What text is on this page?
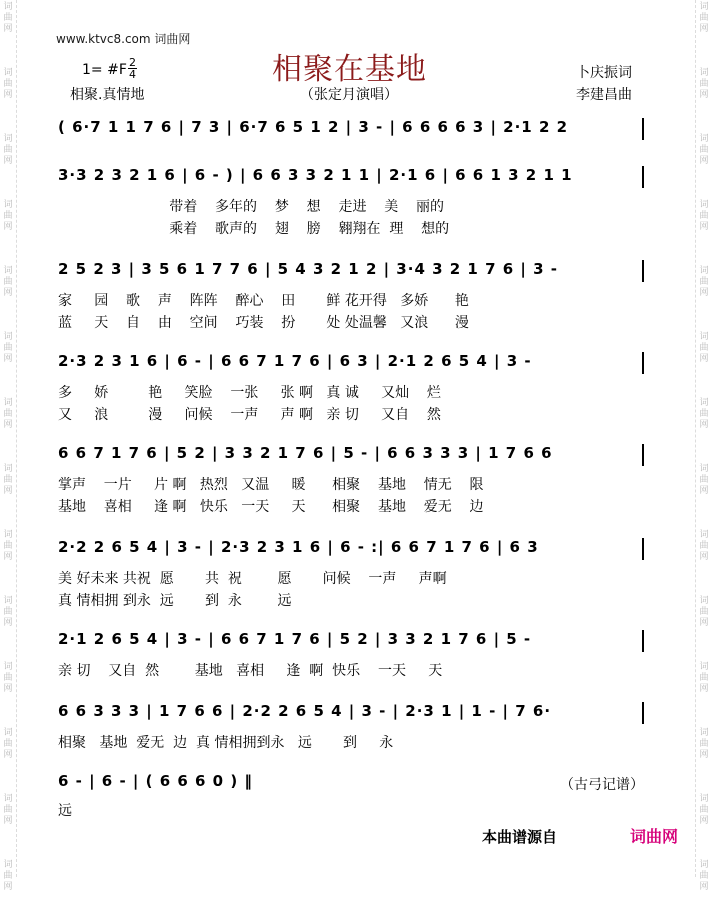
词
曲
网
词
曲
网
词
曲
网
词
曲
网
词
曲
网
词
曲
网
词
曲
网
词
曲
网
词
曲
网
词
曲
网
词
曲
网
词
曲
网
词
曲
网
词
曲
网
词
曲
网
词
曲
网
词
曲
网
词
曲
网
词
曲
网
词
曲
网
词
曲
网
词
曲
网
词
曲
网
词
曲
网
词
曲
网
词
曲
网
词
曲
网
词
曲
网
www.ktvc8.com 词曲网
相聚在基地
1= #F 2
4
相聚.真情地	（张定月演唱）
卜庆振词
李建昌曲
( 6·7 1 1 7 6 | 7 3 | 6·7 6 5 1 2 | 3 - | 6 6 6 6 3 | 2·1 2 2
3·3 2 3 2 1 6 | 6 - ) | 6 6 3 3 2 1 1 | 2·1 6 | 6 6 1 3 2 1 1
带着    多年的    梦    想    走进    美    丽的
乘着    歌声的    翅    膀    翱翔在  理    想的
2 5 2 3 | 3 5 6 1 7 7 6 | 5 4 3 2 1 2 | 3·4 3 2 1 7 6 | 3 -
家     园    歌    声    阵阵    醉心    田       鲜 花开得   多娇      艳
蓝     天    自    由    空间    巧装    扮       处 处温馨   又浪      漫
2·3 2 3 1 6 | 6 - | 6 6 7 1 7 6 | 6 3 | 2·1 2 6 5 4 | 3 -
多     娇         艳     笑脸    一张     张 啊   真 诚     又灿    烂
又     浪         漫     问候    一声     声 啊   亲 切     又自    然
6 6 7 1 7 6 | 5 2 | 3 3 2 1 7 6 | 5 - | 6 6 3 3 3 | 1 7 6 6
掌声    一片     片 啊   热烈   又温     暖      相聚    基地    情无    限
基地    喜相     逢 啊   快乐   一天     天      相聚    基地    爱无    边
2·2 2 6 5 4 | 3 - | 2·3 2 3 1 6 | 6 - :| 6 6 7 1 7 6 | 6 3
美 好未来 共祝  愿       共  祝        愿       问候    一声     声啊
真 情相拥 到永  远       到  永        远
2·1 2 6 5 4 | 3 - | 6 6 7 1 7 6 | 5 2 | 3 3 2 1 7 6 | 5 -
亲 切    又自  然        基地   喜相     逢  啊  快乐    一天     天
6 6 3 3 3 | 1 7 6 6 | 2·2 2 6 5 4 | 3 - | 2·3 1 | 1 - | 7 6·
相聚   基地  爱无  边  真 情相拥到永   远       到     永
6 - | 6 - | ( 6 6 6 0 ) ‖
远
（古弓记谱）
本曲谱源自	词曲网
